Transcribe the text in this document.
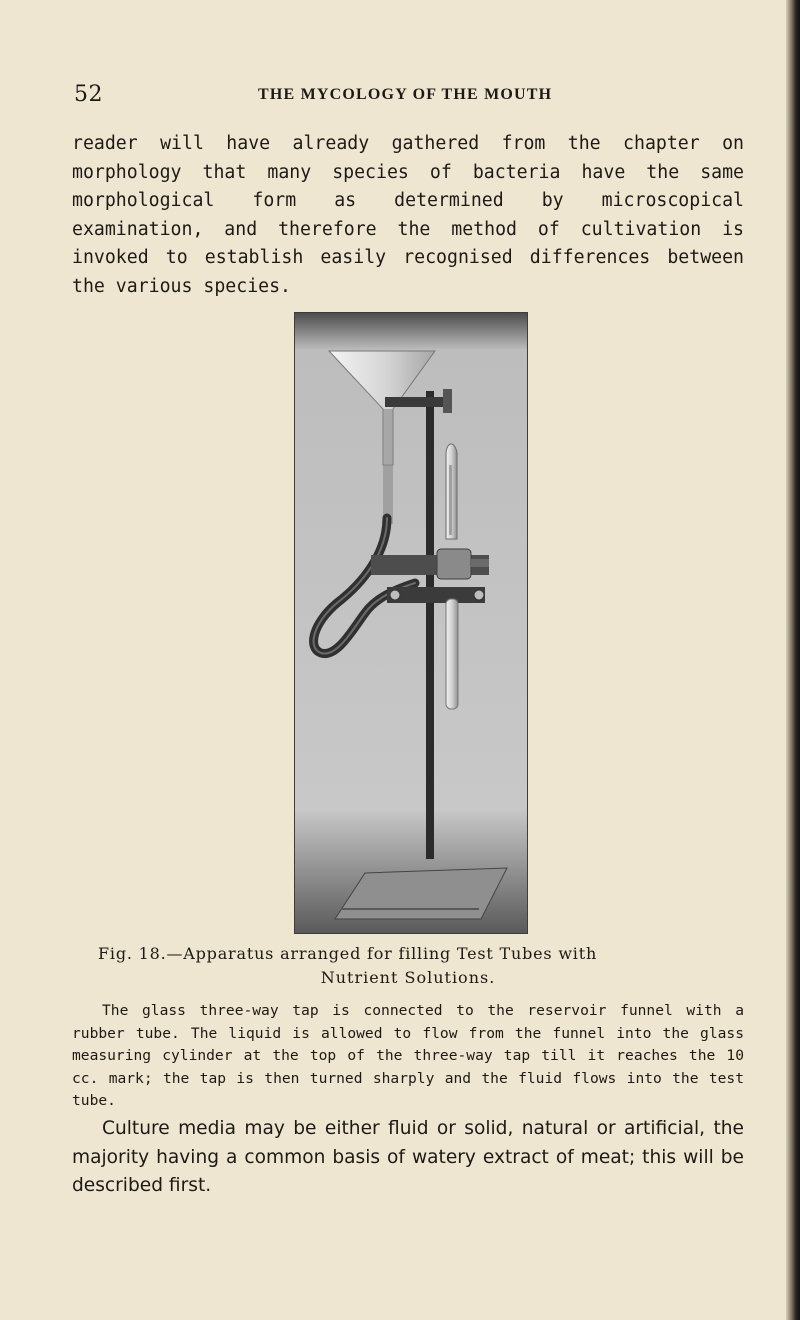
52	THE MYCOLOGY OF THE MOUTH

reader will have already gathered from the chapter on morphology that many species of bacteria have the same morphological form as determined by microscopical examination, and therefore the method of cultivation is invoked to establish easily recognised differences between the various species.

Fig. 18.—Apparatus arranged for filling Test Tubes with
Nutrient Solutions.

The glass three-way tap is connected to the reservoir funnel with a rubber tube. The liquid is allowed to flow from the funnel into the glass measuring cylinder at the top of the three-way tap till it reaches the 10 cc. mark; the tap is then turned sharply and the fluid flows into the test tube.

Culture media may be either fluid or solid, natural or artificial, the majority having a common basis of watery extract of meat; this will be described first.
